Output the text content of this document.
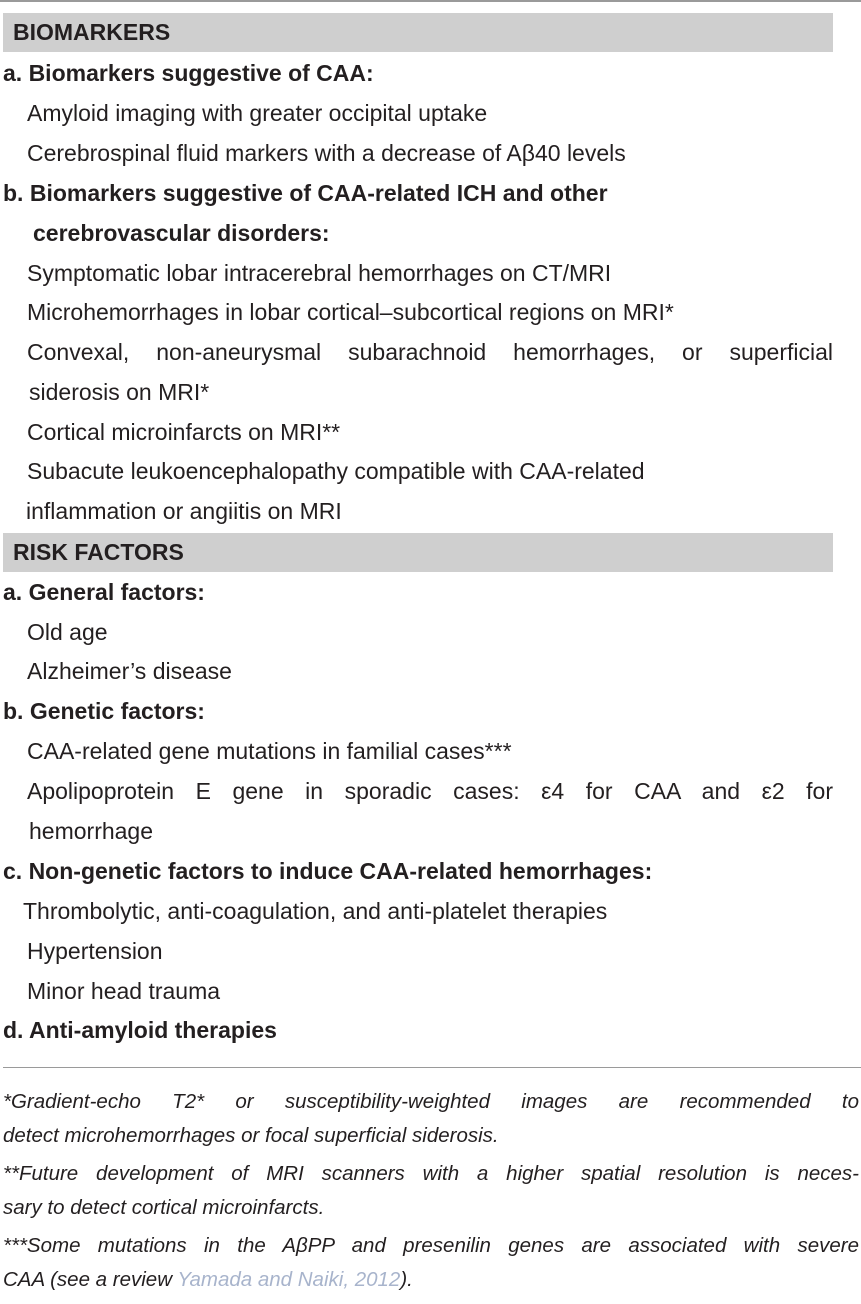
BIOMARKERS
a. Biomarkers suggestive of CAA:
Amyloid imaging with greater occipital uptake
Cerebrospinal fluid markers with a decrease of Aβ40 levels
b. Biomarkers suggestive of CAA-related ICH and other
cerebrovascular disorders:
Symptomatic lobar intracerebral hemorrhages on CT/MRI
Microhemorrhages in lobar cortical–subcortical regions on MRI*
Convexal, non-aneurysmal subarachnoid hemorrhages, or superficial
siderosis on MRI*
Cortical microinfarcts on MRI**
Subacute leukoencephalopathy compatible with CAA-related
inflammation or angiitis on MRI
RISK FACTORS
a. General factors:
Old age
Alzheimer’s disease
b. Genetic factors:
CAA-related gene mutations in familial cases***
Apolipoprotein E gene in sporadic cases: ε4 for CAA and ε2 for
hemorrhage
c. Non-genetic factors to induce CAA-related hemorrhages:
Thrombolytic, anti-coagulation, and anti-platelet therapies
Hypertension
Minor head trauma
d. Anti-amyloid therapies
*Gradient-echo T2* or susceptibility-weighted images are recommended to
detect microhemorrhages or focal superficial siderosis.
**Future development of MRI scanners with a higher spatial resolution is neces-
sary to detect cortical microinfarcts.
***Some mutations in the AβPP and presenilin genes are associated with severe
CAA (see a review Yamada and Naiki, 2012).
